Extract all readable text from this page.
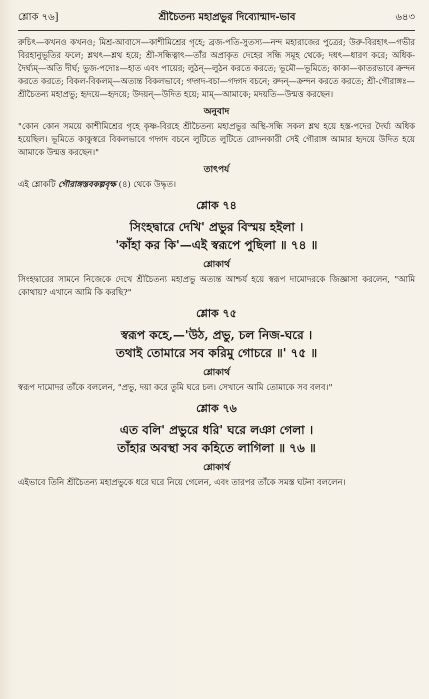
শ্লোক ৭৬]	শ্রীচৈতন্য মহাপ্রভুর দিব্যোন্মাদ-ভাব	৬৪৩

রুচিৎ—কখনও কখনও; মিশ্র-আবাসে—কাশীমিশ্রের গৃহে; ব্রজ-পতি-সুতস্য—নন্দ মহারাজের পুত্রের; উরু-বিরহাৎ—গভীর বিরহানুভূতির ফলে; শ্লথৎ—শ্লথ হয়ে; শ্রী-সন্ধিত্বাৎ—তাঁর অপ্রাকৃত দেহের সন্ধি সমূহ থেকে; দধৎ—ধারণ করে; অধিক-দৈর্ঘ্যম্—অতি দীর্ঘ; ভুজ-পদোঃ—হাত এবং পায়ের; লুঠন্—লুঠন করতে করতে; ভূমৌ—ভূমিতে; কাকা—কাতরভাবে ক্রন্দন করতে করতে; বিকল-বিকলম্—অত্যন্ত বিকলভাবে; গদ্গদ-বচা—গদ্গদ বচনে; রুদন্—ক্রন্দন করতে করতে; শ্রী-গৌরাঙ্গঃ—শ্রীচৈতন্য মহাপ্রভু; হৃদয়ে—হৃদয়ে; উদয়ন্—উদিত হয়ে; মাম্—আমাকে; মদয়তি—উন্মত্ত করছেন।

অনুবাদ

"কোন কোন সময়ে কাশীমিশ্রের গৃহে কৃষ্ণ-বিরহে শ্রীচৈতন্য মহাপ্রভুর অস্থি-সন্ধি সকল শ্লথ হয়ে হস্ত-পদের দৈর্ঘ্য অধিক হয়েছিল। ভূমিতে কাকুস্বরে বিকলভাবে গদ্গদ বচনে লুটিতে লুটিতে রোদনকারী সেই গৌরাঙ্গ আমার হৃদয়ে উদিত হয়ে আমাকে উন্মত্ত করছেন।"

তাৎপর্য

এই শ্লোকটি গৌরাঙ্গস্তবকল্পবৃক্ষ (৪) থেকে উদ্ধৃত।

শ্লোক ৭৪

সিংহদ্বারে দেখি' প্রভুর বিস্ময় হইলা ।

'কাঁহা কর কি'—এই স্বরূপে পুছিলা ॥ ৭৪ ॥

শ্লোকার্থ

সিংহদ্বারের সামনে নিজেকে দেখে শ্রীচৈতন্য মহাপ্রভু অত্যন্ত আশ্চর্য হয়ে স্বরূপ দামোদরকে জিজ্ঞাসা করলেন, "আমি কোথায়? এখানে আমি কি করছি?"

শ্লোক ৭৫

স্বরূপ কহে,—'উঠ, প্রভু, চল নিজ-ঘরে ।

তথাই তোমারে সব করিমু গোচরে ॥' ৭৫ ॥

শ্লোকার্থ

স্বরূপ দামোদর তাঁকে বললেন, "প্রভু, দয়া করে তুমি ঘরে চল। সেখানে আমি তোমাকে সব বলব।"

শ্লোক ৭৬

এত বলি' প্রভুরে ধরি' ঘরে লঞা গেলা ।

তাঁহার অবস্থা সব কহিতে লাগিলা ॥ ৭৬ ॥

শ্লোকার্থ

এইভাবে তিনি শ্রীচৈতন্য মহাপ্রভুকে ধরে ঘরে নিয়ে গেলেন, এবং তারপর তাঁকে সমস্ত ঘটনা বললেন।
